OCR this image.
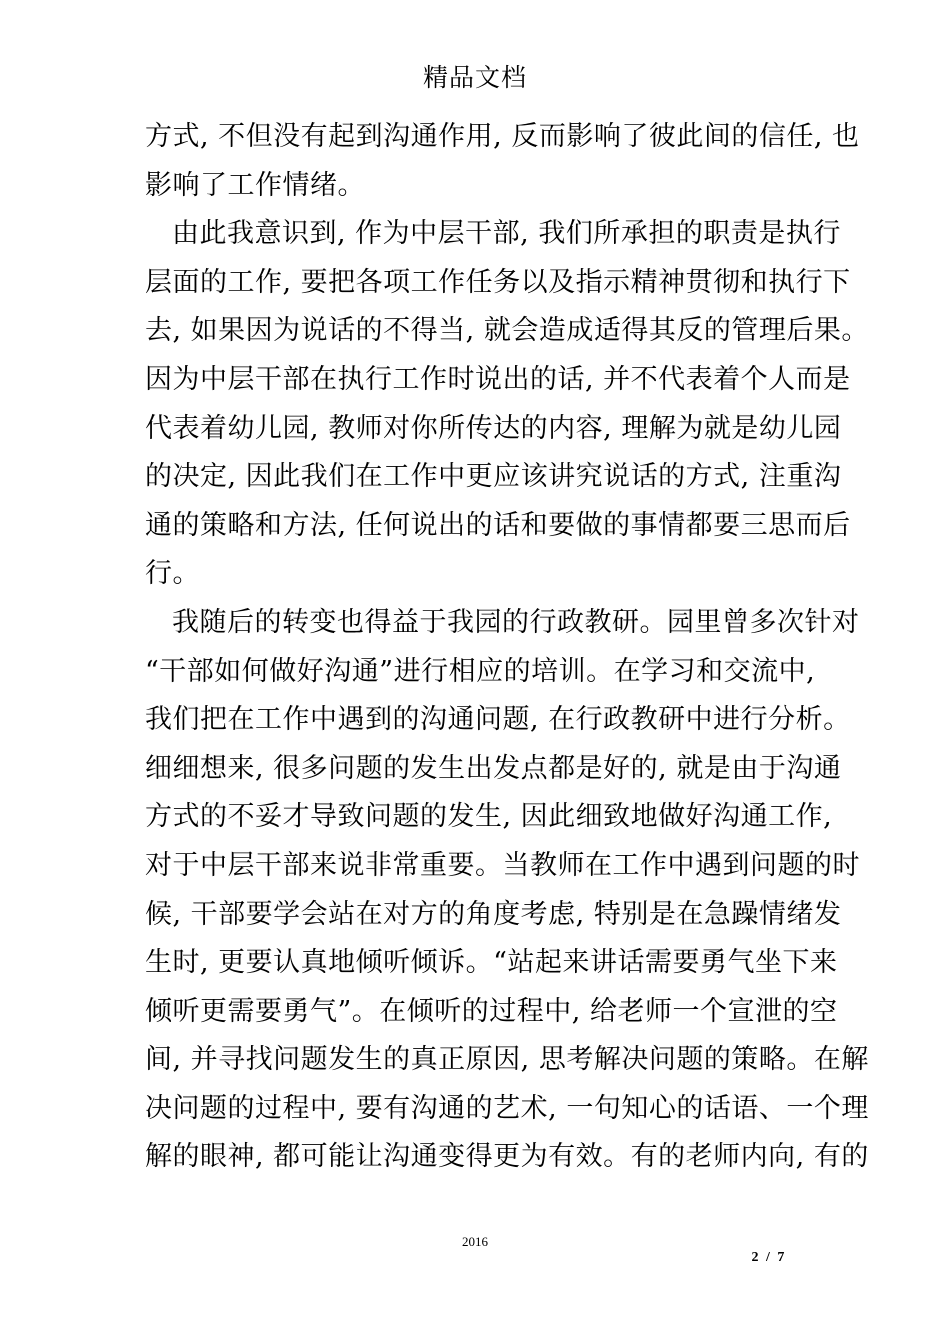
精品文档
方式, 不但没有起到沟通作用, 反而影响了彼此间的信任, 也
影响了工作情绪。
由此我意识到, 作为中层干部, 我们所承担的职责是执行
层面的工作, 要把各项工作任务以及指示精神贯彻和执行下
去, 如果因为说话的不得当, 就会造成适得其反的管理后果。
因为中层干部在执行工作时说出的话, 并不代表着个人而是
代表着幼儿园, 教师对你所传达的内容, 理解为就是幼儿园
的决定, 因此我们在工作中更应该讲究说话的方式, 注重沟
通的策略和方法, 任何说出的话和要做的事情都要三思而后
行。
我随后的转变也得益于我园的行政教研。园里曾多次针对
“干部如何做好沟通”进行相应的培训。在学习和交流中,
我们把在工作中遇到的沟通问题, 在行政教研中进行分析。
细细想来, 很多问题的发生出发点都是好的, 就是由于沟通
方式的不妥才导致问题的发生, 因此细致地做好沟通工作,
对于中层干部来说非常重要。当教师在工作中遇到问题的时
候, 干部要学会站在对方的角度考虑, 特别是在急躁情绪发
生时, 更要认真地倾听倾诉。“站起来讲话需要勇气坐下来
倾听更需要勇气”。在倾听的过程中, 给老师一个宣泄的空
间, 并寻找问题发生的真正原因, 思考解决问题的策略。在解
决问题的过程中, 要有沟通的艺术, 一句知心的话语、一个理
解的眼神, 都可能让沟通变得更为有效。有的老师内向, 有的
2016
2 / 7
